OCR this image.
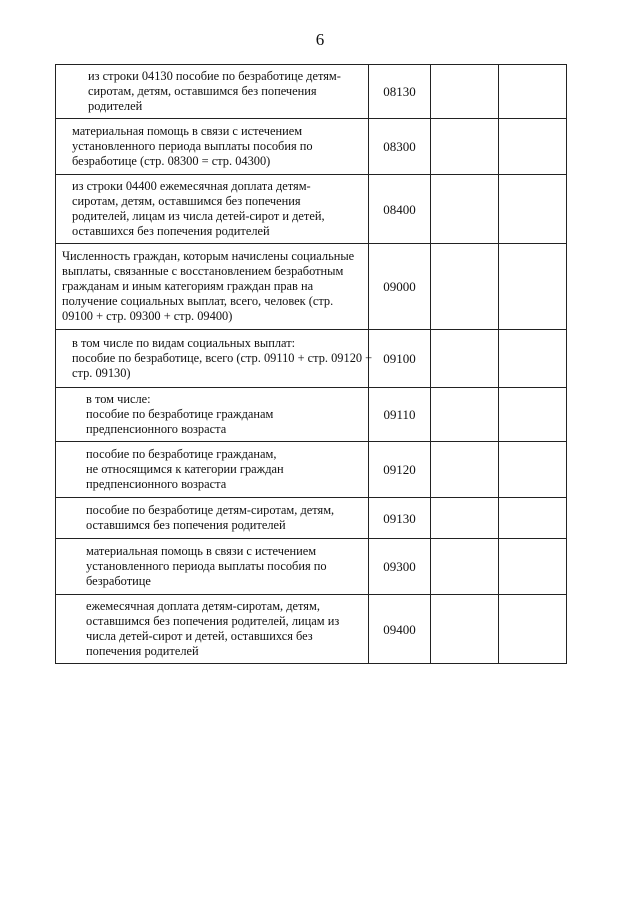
6
из строки 04130 пособие по безработице детям-
сиротам, детям, оставшимся без попечения
родителей	08130		

материальная помощь в связи с истечением
установленного периода выплаты пособия по
безработице (стр. 08300 = стр. 04300)	08300		

из строки 04400 ежемесячная доплата детям-
сиротам, детям, оставшимся без попечения
родителей, лицам из числа детей-сирот и детей,
оставшихся без попечения родителей	08400		

Численность граждан, которым начислены социальные
выплаты, связанные с восстановлением безработным
гражданам и иным категориям граждан прав на
получение социальных выплат, всего, человек (стр.
09100 + стр. 09300 + стр. 09400)	09000		

в том числе по видам социальных выплат:
пособие по безработице, всего (стр. 09110 + стр. 09120 +
стр. 09130)	09100		

в том числе:
пособие по безработице гражданам
предпенсионного возраста	09110		

пособие по безработице гражданам,
не относящимся к категории граждан
предпенсионного возраста	09120		

пособие по безработице детям-сиротам, детям,
оставшимся без попечения родителей	09130		

материальная помощь в связи с истечением
установленного периода выплаты пособия по
безработице	09300		

ежемесячная доплата детям-сиротам, детям,
оставшимся без попечения родителей, лицам из
числа детей-сирот и детей, оставшихся без
попечения родителей	09400		
